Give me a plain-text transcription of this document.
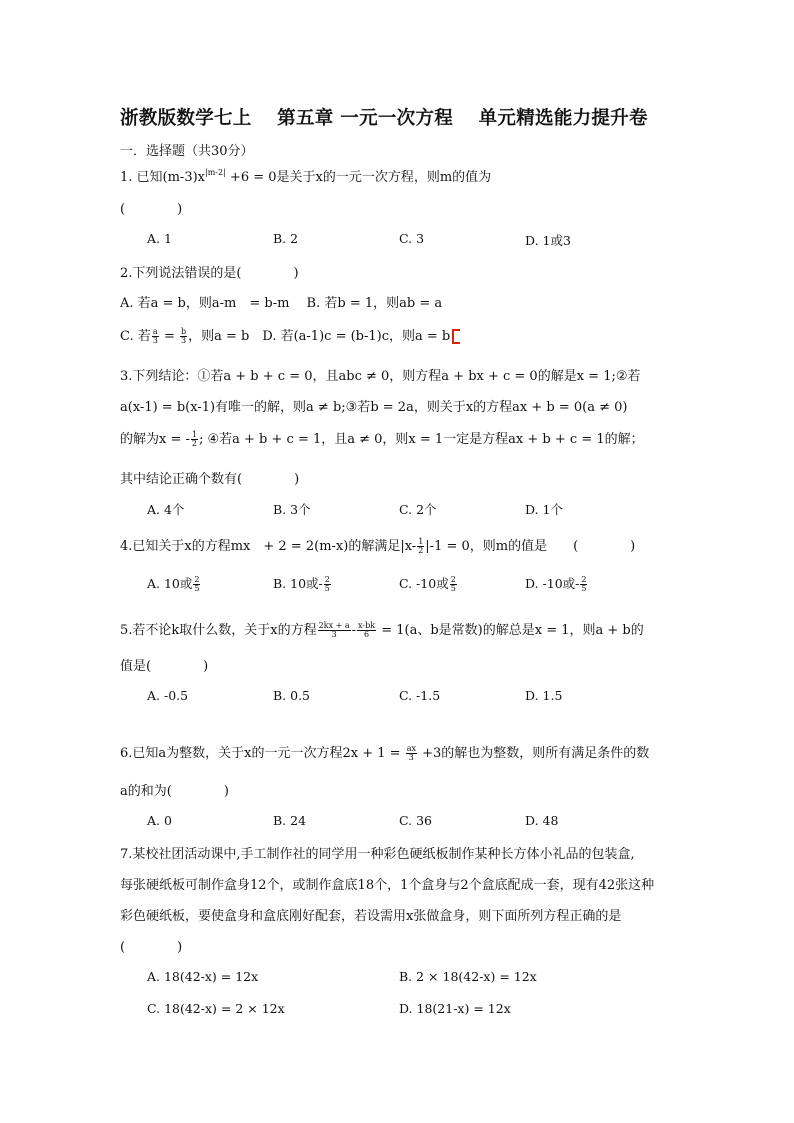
浙教版数学七上　 第五章 一元一次方程　 单元精选能力提升卷
一．选择题（共30分）
1. 已知$(m-3)x^{|m-2|} +6 = 0$是关于x的一元一次方程，则m的值为
(　　　　)
A. 1	B. 2	C. 3	D. 1或3
2.下列说法错误的是(　　　　)
A. 若a = b，则a-m　= b-m　 B. 若b = 1，则ab = a
C. 若 $\frac{a}{3} = \frac{b}{3}$ ，则a = b　D. 若(a-1)c = (b-1)c，则a = b
3.下列结论：①若a + b + c = 0，且abc ≠ 0，则方程a + bx + c = 0的解是x = 1;②若
a(x-1) = b(x-1)有唯一的解，则a ≠ b;③若b = 2a，则关于x的方程ax + b = 0(a ≠ 0)
的解为x = - $\frac{1}{2}$ ; ④若a + b + c = 1，且a ≠ 0，则x = 1一定是方程ax + b + c = 1的解；
其中结论正确个数有(　　　　)
A. 4个	B. 3个	C. 2个	D. 1个
4.已知关于x的方程mx　+ 2 = 2(m-x)的解满足$|x- \frac{1}{2} |-1 = 0$，则m的值是　　(　　　　)
A. 10或 $\frac{2}{5}$	B. 10或- $\frac{2}{5}$	C. -10或 $\frac{2}{5}$	D. -10或- $\frac{2}{5}$
5.若不论k取什么数，关于x的方程 $\frac{2kx + a}{3} - \frac{x-bk}{6} = 1(a$、b是常数)的解总是x = 1，则a + b的
值是(　　　　)
A. -0.5	B. 0.5	C. -1.5	D. 1.5
6.已知a为整数，关于x的一元一次方程$2x + 1 = \frac{ax}{3} +3$的解也为整数，则所有满足条件的数
a的和为(　　　　)
A. 0	B. 24	C. 36	D. 48
7.某校社团活动课中,手工制作社的同学用一种彩色硬纸板制作某种长方体小礼品的包装盒,
每张硬纸板可制作盒身12个，或制作盒底18个，1个盒身与2个盒底配成一套，现有42张这种
彩色硬纸板，要使盒身和盒底刚好配套，若设需用x张做盒身，则下面所列方程正确的是
(　　　　)
A. 18(42-x) = 12x	B. 2 × 18(42-x) = 12x
C. 18(42-x) = 2 × 12x	D. 18(21-x) = 12x
